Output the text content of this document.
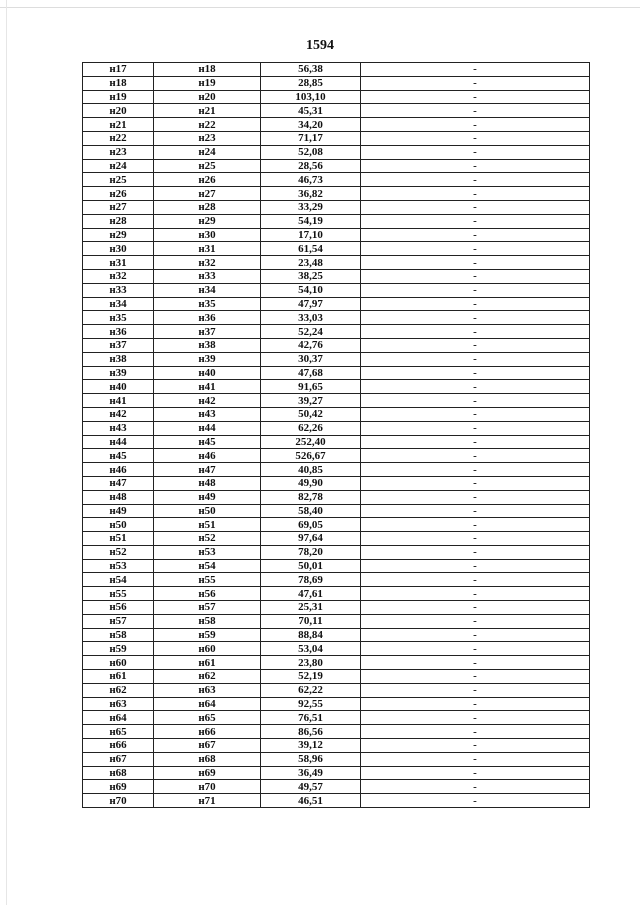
1594
н17	н18	56,38	-
н18	н19	28,85	-
н19	н20	103,10	-
н20	н21	45,31	-
н21	н22	34,20	-
н22	н23	71,17	-
н23	н24	52,08	-
н24	н25	28,56	-
н25	н26	46,73	-
н26	н27	36,82	-
н27	н28	33,29	-
н28	н29	54,19	-
н29	н30	17,10	-
н30	н31	61,54	-
н31	н32	23,48	-
н32	н33	38,25	-
н33	н34	54,10	-
н34	н35	47,97	-
н35	н36	33,03	-
н36	н37	52,24	-
н37	н38	42,76	-
н38	н39	30,37	-
н39	н40	47,68	-
н40	н41	91,65	-
н41	н42	39,27	-
н42	н43	50,42	-
н43	н44	62,26	-
н44	н45	252,40	-
н45	н46	526,67	-
н46	н47	40,85	-
н47	н48	49,90	-
н48	н49	82,78	-
н49	н50	58,40	-
н50	н51	69,05	-
н51	н52	97,64	-
н52	н53	78,20	-
н53	н54	50,01	-
н54	н55	78,69	-
н55	н56	47,61	-
н56	н57	25,31	-
н57	н58	70,11	-
н58	н59	88,84	-
н59	н60	53,04	-
н60	н61	23,80	-
н61	н62	52,19	-
н62	н63	62,22	-
н63	н64	92,55	-
н64	н65	76,51	-
н65	н66	86,56	-
н66	н67	39,12	-
н67	н68	58,96	-
н68	н69	36,49	-
н69	н70	49,57	-
н70	н71	46,51	-
